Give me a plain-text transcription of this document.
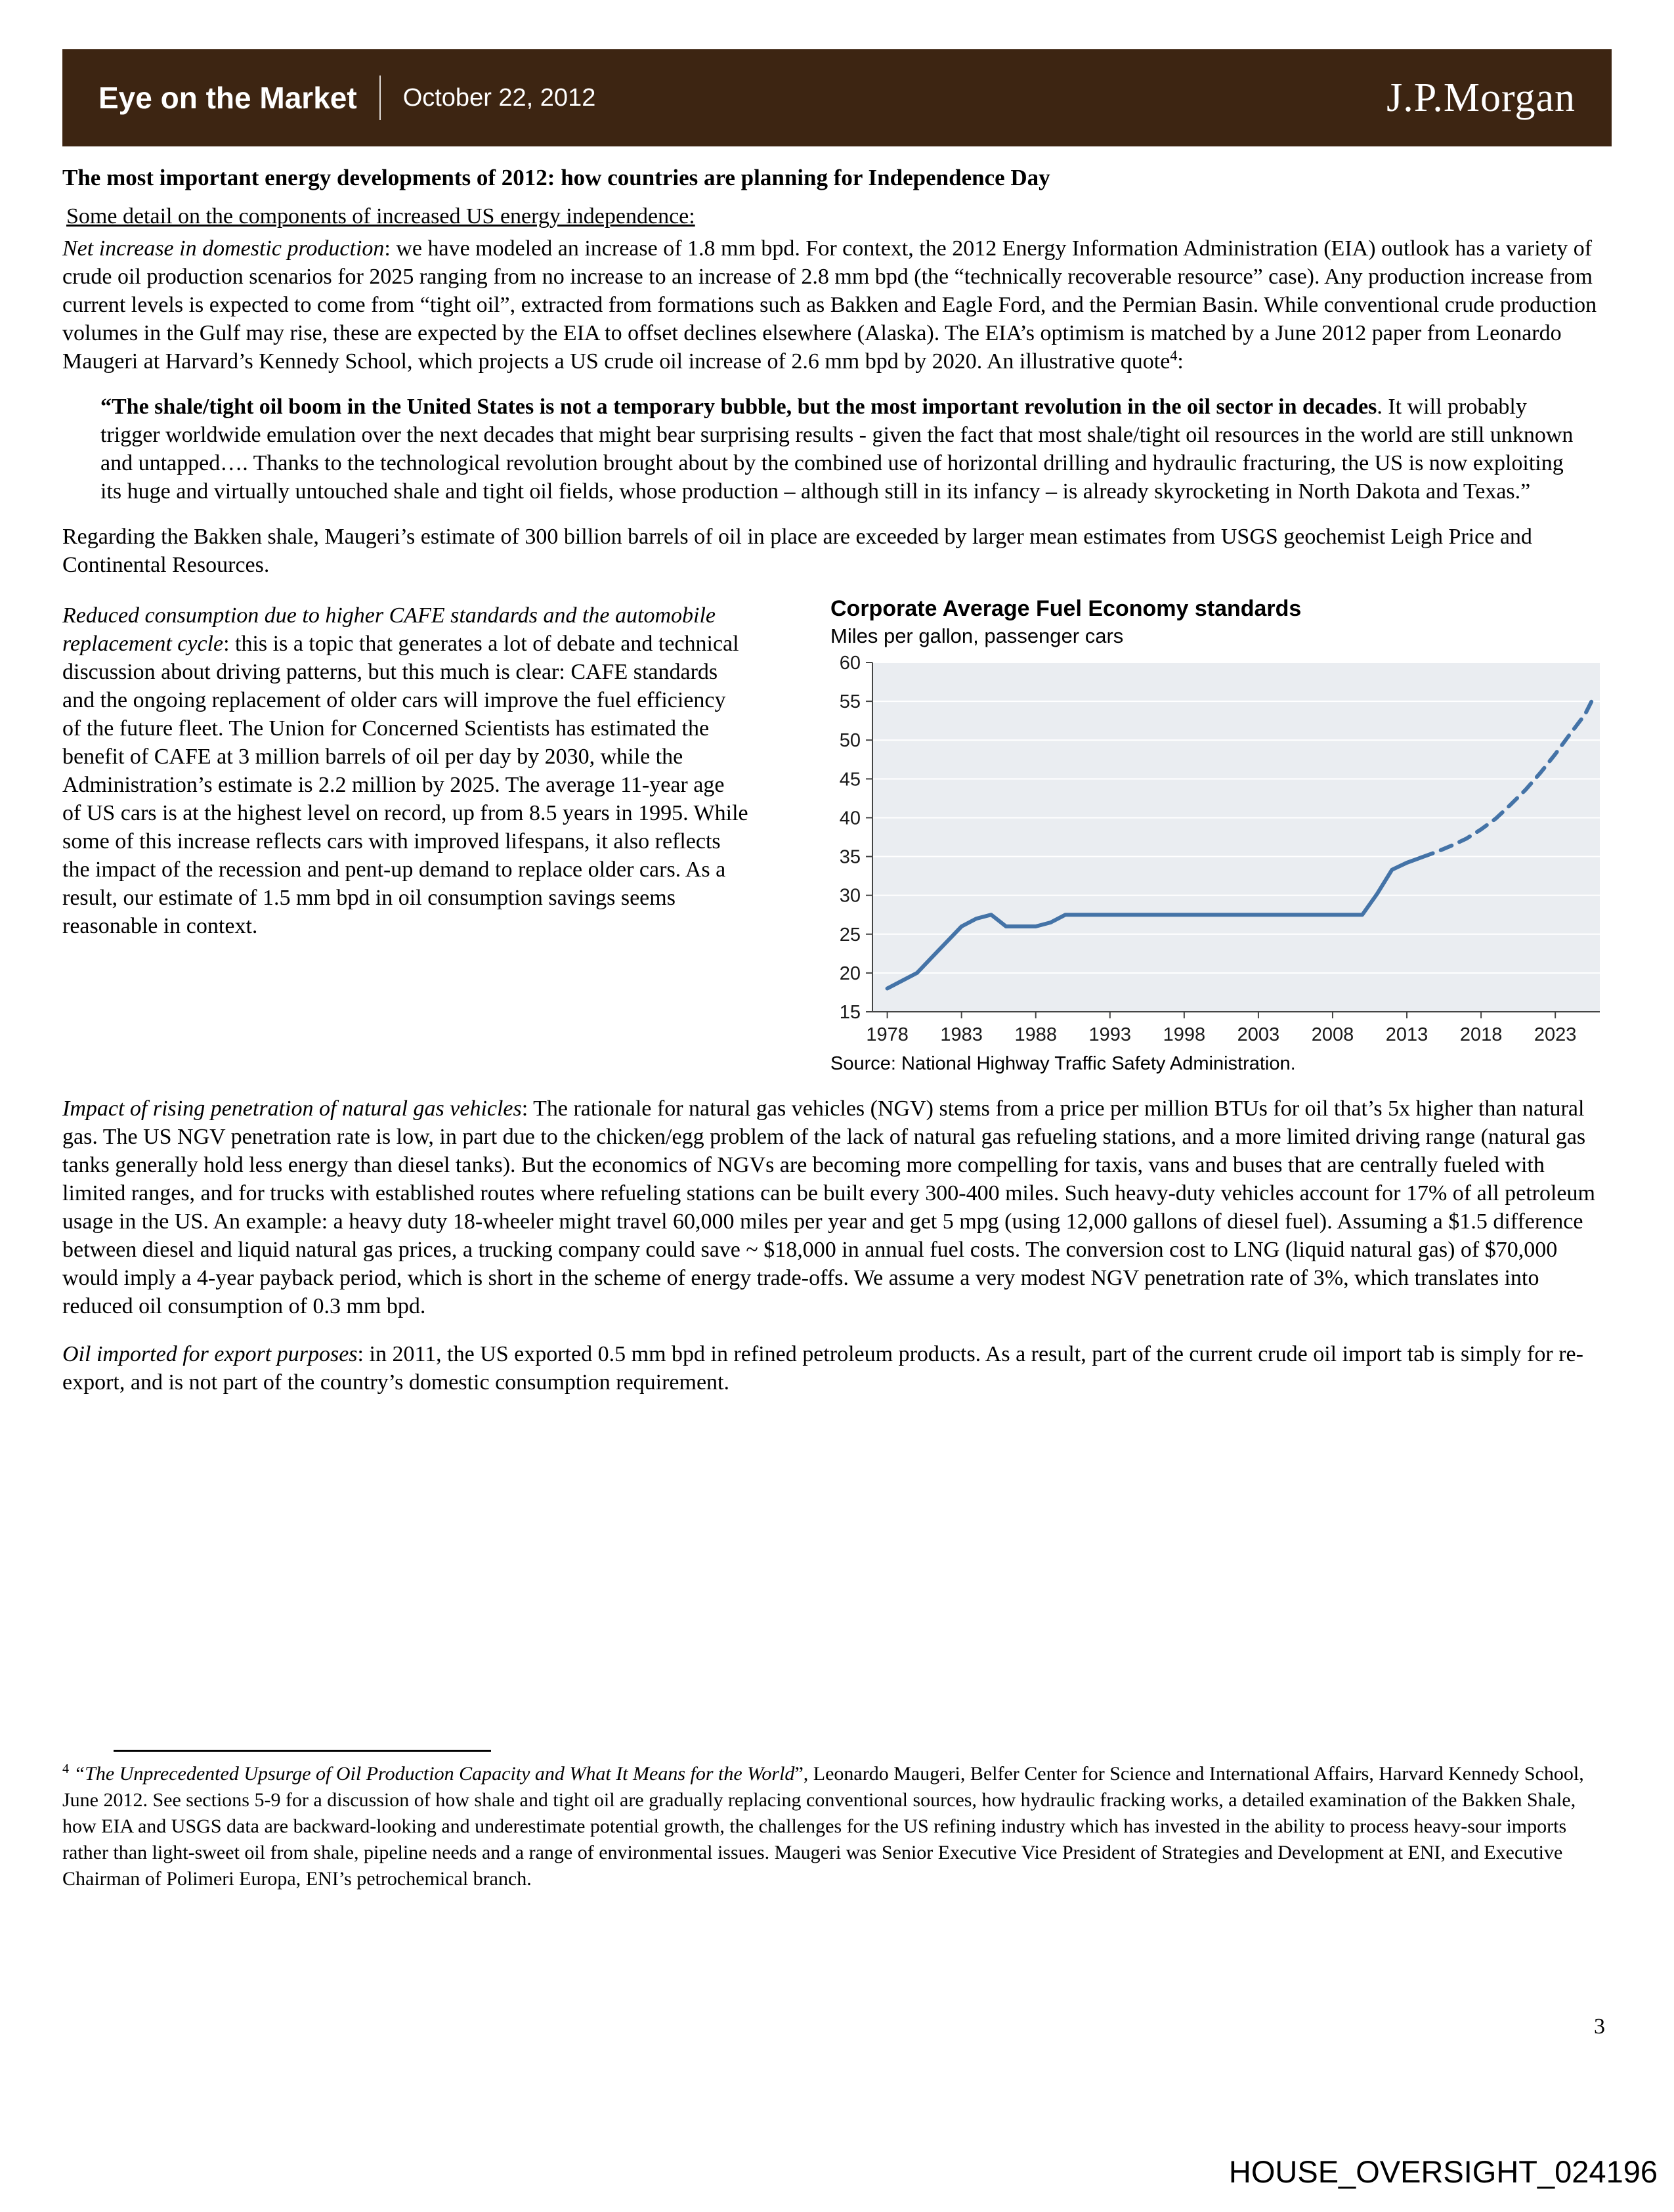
Eye on the Market October 22, 2012	J.P.Morgan
The most important energy developments of 2012: how countries are planning for Independence Day
Some detail on the components of increased US energy independence:

Net increase in domestic production: we have modeled an increase of 1.8 mm bpd. For context, the 2012 Energy Information Administration (EIA) outlook has a variety of crude oil production scenarios for 2025 ranging from no increase to an increase of 2.8 mm bpd (the “technically recoverable resource” case). Any production increase from current levels is expected to come from “tight oil”, extracted from formations such as Bakken and Eagle Ford, and the Permian Basin. While conventional crude production volumes in the Gulf may rise, these are expected by the EIA to offset declines elsewhere (Alaska). The EIA’s optimism is matched by a June 2012 paper from Leonardo Maugeri at Harvard’s Kennedy School, which projects a US crude oil increase of 2.6 mm bpd by 2020. An illustrative quote$^4$:

“The shale/tight oil boom in the United States is not a temporary bubble, but the most important revolution in the oil sector in decades. It will probably trigger worldwide emulation over the next decades that might bear surprising results - given the fact that most shale/tight oil resources in the world are still unknown and untapped…. Thanks to the technological revolution brought about by the combined use of horizontal drilling and hydraulic fracturing, the US is now exploiting its huge and virtually untouched shale and tight oil fields, whose production – although still in its infancy – is already skyrocketing in North Dakota and Texas.”

Regarding the Bakken shale, Maugeri’s estimate of 300 billion barrels of oil in place are exceeded by larger mean estimates from USGS geochemist Leigh Price and Continental Resources.

Reduced consumption due to higher CAFE standards and the automobile replacement cycle: this is a topic that generates a lot of debate and technical discussion about driving patterns, but this much is clear: CAFE standards and the ongoing replacement of older cars will improve the fuel efficiency of the future fleet. The Union for Concerned Scientists has estimated the benefit of CAFE at 3 million barrels of oil per day by 2030, while the Administration’s estimate is 2.2 million by 2025. The average 11-year age of US cars is at the highest level on record, up from 8.5 years in 1995. While some of this increase reflects cars with improved lifespans, it also reflects the impact of the recession and pent-up demand to replace older cars. As a result, our estimate of 1.5 mm bpd in oil consumption savings seems reasonable in context.

Corporate Average Fuel Economy standards
Miles per gallon, passenger cars
15
20
25
30
35
40
45
50
55
60
1978 1983 1988 1993 1998 2003 2008 2013 2018 2023
Source: National Highway Traffic Safety Administration.

Impact of rising penetration of natural gas vehicles: The rationale for natural gas vehicles (NGV) stems from a price per million BTUs for oil that’s 5x higher than natural gas. The US NGV penetration rate is low, in part due to the chicken/egg problem of the lack of natural gas refueling stations, and a more limited driving range (natural gas tanks generally hold less energy than diesel tanks). But the economics of NGVs are becoming more compelling for taxis, vans and buses that are centrally fueled with limited ranges, and for trucks with established routes where refueling stations can be built every 300-400 miles. Such heavy-duty vehicles account for 17% of all petroleum usage in the US. An example: a heavy duty 18-wheeler might travel 60,000 miles per year and get 5 mpg (using 12,000 gallons of diesel fuel). Assuming a $1.5 difference between diesel and liquid natural gas prices, a trucking company could save ~ $18,000 in annual fuel costs. The conversion cost to LNG (liquid natural gas) of $70,000 would imply a 4-year payback period, which is short in the scheme of energy trade-offs. We assume a very modest NGV penetration rate of 3%, which translates into reduced oil consumption of 0.3 mm bpd.

Oil imported for export purposes: in 2011, the US exported 0.5 mm bpd in refined petroleum products. As a result, part of the current crude oil import tab is simply for re-export, and is not part of the country’s domestic consumption requirement.

$^4$ “The Unprecedented Upsurge of Oil Production Capacity and What It Means for the World”, Leonardo Maugeri, Belfer Center for Science and International Affairs, Harvard Kennedy School, June 2012. See sections 5-9 for a discussion of how shale and tight oil are gradually replacing conventional sources, how hydraulic fracking works, a detailed examination of the Bakken Shale, how EIA and USGS data are backward-looking and underestimate potential growth, the challenges for the US refining industry which has invested in the ability to process heavy-sour imports rather than light-sweet oil from shale, pipeline needs and a range of environmental issues. Maugeri was Senior Executive Vice President of Strategies and Development at ENI, and Executive Chairman of Polimeri Europa, ENI’s petrochemical branch.
3
HOUSE_OVERSIGHT_024196
